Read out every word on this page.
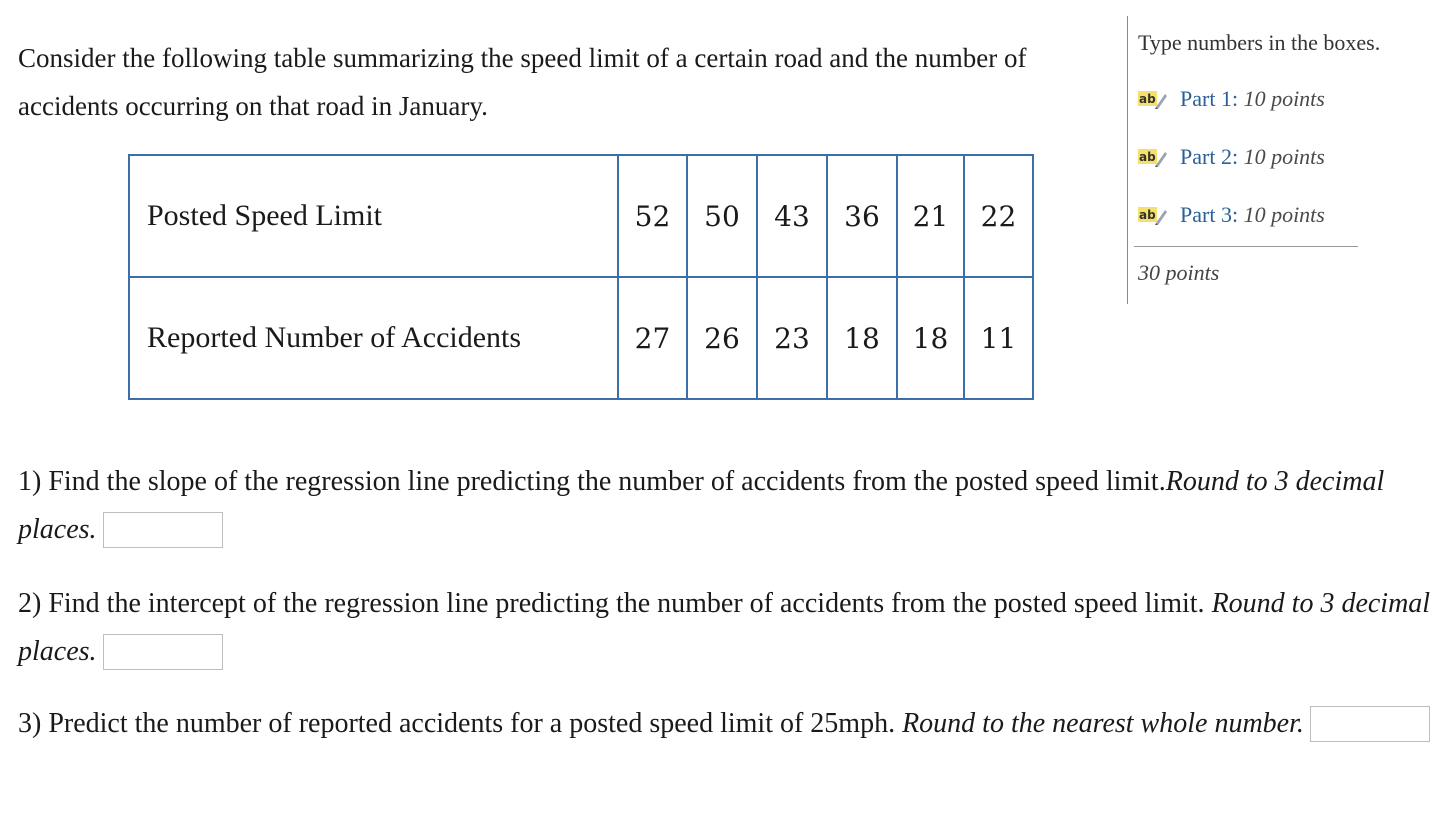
Consider the following table summarizing the speed limit of a certain road and the number of accidents occurring on that road in January.

Posted Speed Limit	52	50	43	36	21	22
Reported Number of Accidents	27	26	23	18	18	11
Type numbers in the boxes.
ab Part 1:
10 points
ab Part 2:
10 points
ab Part 3:
10 points
30 points

1) Find the slope of the regression line predicting the number of accidents from the posted speed limit.Round to 3 decimal places.

2) Find the intercept of the regression line predicting the number of accidents from the posted speed limit. Round to 3 decimal places.

3) Predict the number of reported accidents for a posted speed limit of 25mph. Round to the nearest whole number.
